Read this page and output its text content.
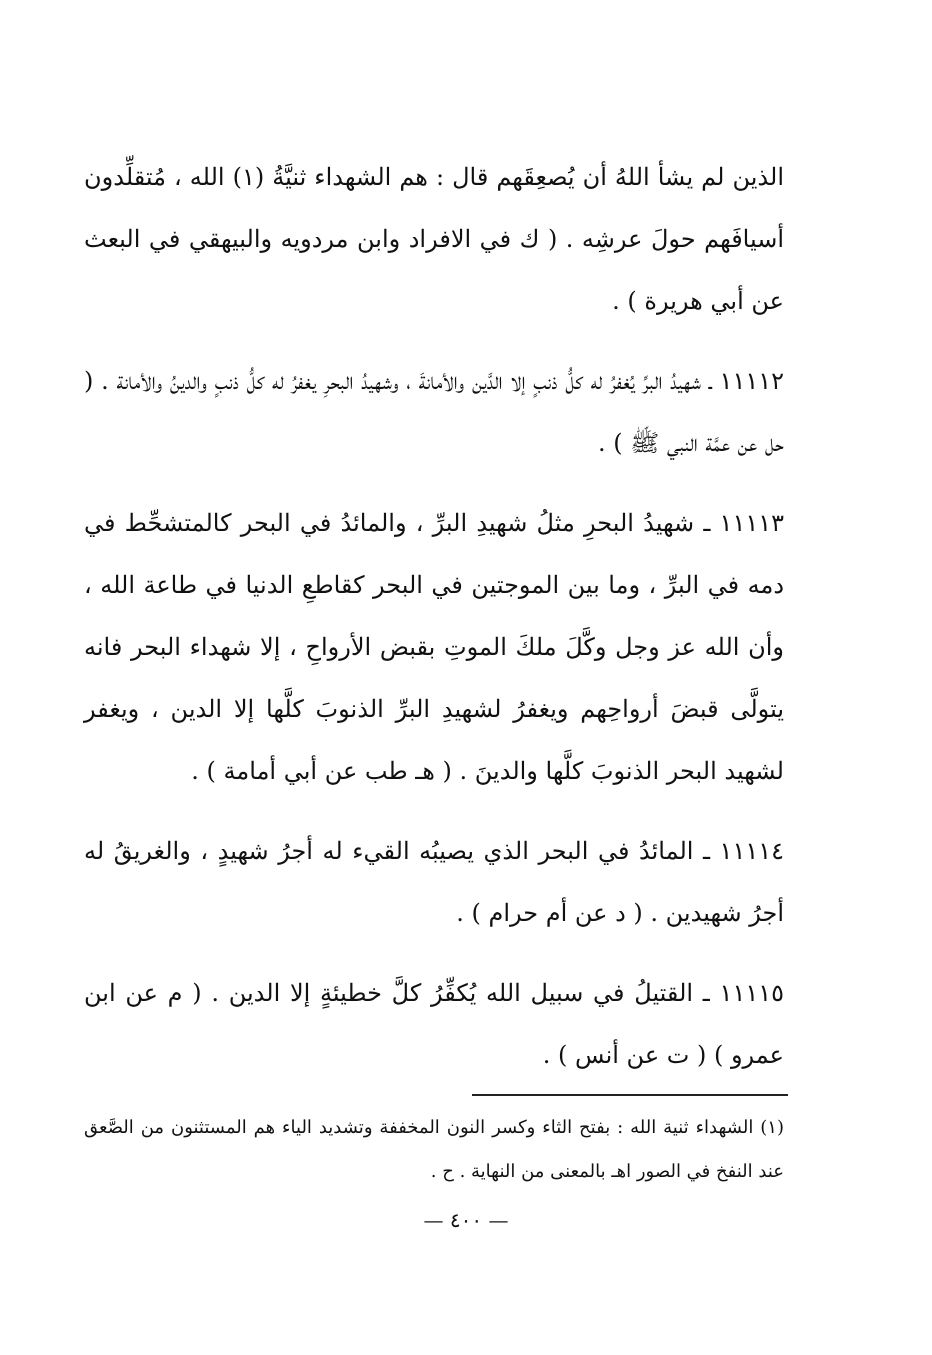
الذين لم يشأ اللهُ أن يُصعِقَهم قال : هم الشهداء ثنيَّةُ (١) الله ، مُتقلِّدون أسيافَهم حولَ عرشِه . ( ك في الافراد وابن مردويه والبيهقي في البعث عن أبي هريرة ) .

١١١١٢ ـ شهيدُ البرِّ يُغفرُ له كلُّ ذنبٍ إلا الدَّين والأمانةَ ، وشهيدُ البحرِ يغفرُ له كلُّ ذنبٍ والدينُ والأمانة . ( حل عن عمَّة النبي ﷺ ) .

١١١١٣ ـ شهيدُ البحرِ مثلُ شهيدِ البرِّ ، والمائدُ في البحر كالمتشحِّط في دمه في البرِّ ، وما بين الموجتين في البحر كقاطعِ الدنيا في طاعة الله ، وأن الله عز وجل وكَّلَ ملكَ الموتِ بقبض الأرواحِ ، إلا شهداء البحر فانه يتولَّى قبضَ أرواحِهم ويغفرُ لشهيدِ البرِّ الذنوبَ كلَّها إلا الدين ، ويغفر لشهيد البحر الذنوبَ كلَّها والدينَ . ( هـ طب عن أبي أمامة ) .

١١١١٤ ـ المائدُ في البحر الذي يصيبُه القيء له أجرُ شهيدٍ ، والغريقُ له أجرُ شهيدين . ( د عن أم حرام ) .

١١١١٥ ـ القتيلُ في سبيل الله يُكفِّرُ كلَّ خطيئةٍ إلا الدين . ( م عن ابن عمرو ) ( ت عن أنس ) .

(١) الشهداء ثنية الله : بفتح الثاء وكسر النون المخففة وتشديد الياء هم المستثنون من الصَّعق عند النفخ في الصور اهـ بالمعنى من النهاية . ح .
— ٤٠٠ —
